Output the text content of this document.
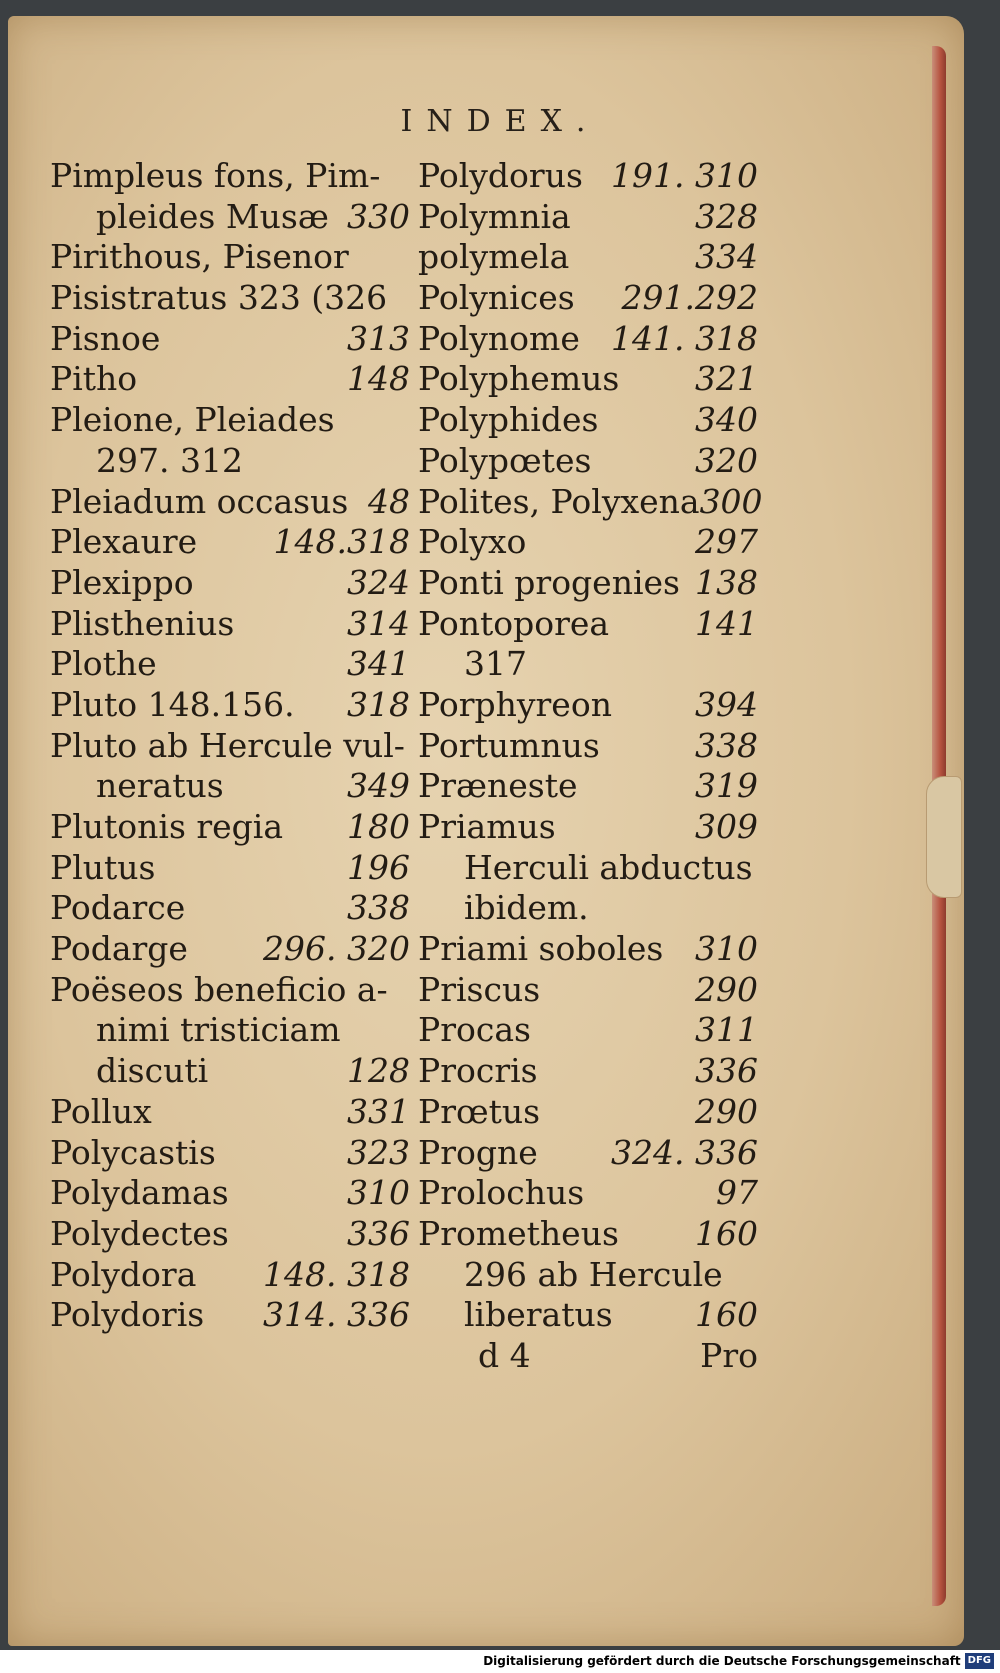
INDEX.
Pimpleus fons, Pim-
pleides Musæ 330
Pirithous, Pisenor
Pisistratus 323 (326
Pisnoe	313
Pitho	148
Pleione, Pleiades
297. 312
Pleiadum occasus 48
Plexaure 148.318
Plexippo	324
Plisthenius	314
Plothe	341
Pluto 148.156. 318
Pluto ab Hercule vul-
neratus	349
Plutonis regia 180
Plutus	196
Podarce	338
Podarge 296. 320
Poëseos beneficio a-
nimi tristiciam
discuti	128
Pollux	331
Polycastis	323
Polydamas	310
Polydectes	336
Polydora 148. 318
Polydoris 314. 336
Polydorus 191. 310
Polymnia	328
polymela	334
Polynices 291.292
Polynome 141. 318
Polyphemus 321
Polyphides	340
Polypœtes	320
Polites, Polyxena 300
Polyxo	297
Ponti progenies 138
Pontoporea	141
317
Porphyreon	394
Portumnus	338
Præneste	319
Priamus	309
Herculi abductus
ibidem.
Priami soboles 310
Priscus	290
Procas	311
Procris	336
Prœtus	290
Progne 324. 336
Prolochus	97
Prometheus 160
296 ab Hercule
liberatus 160
d 4	Pro
Digitalisierung gefördert durch die Deutsche Forschungsgemeinschaft DFG
